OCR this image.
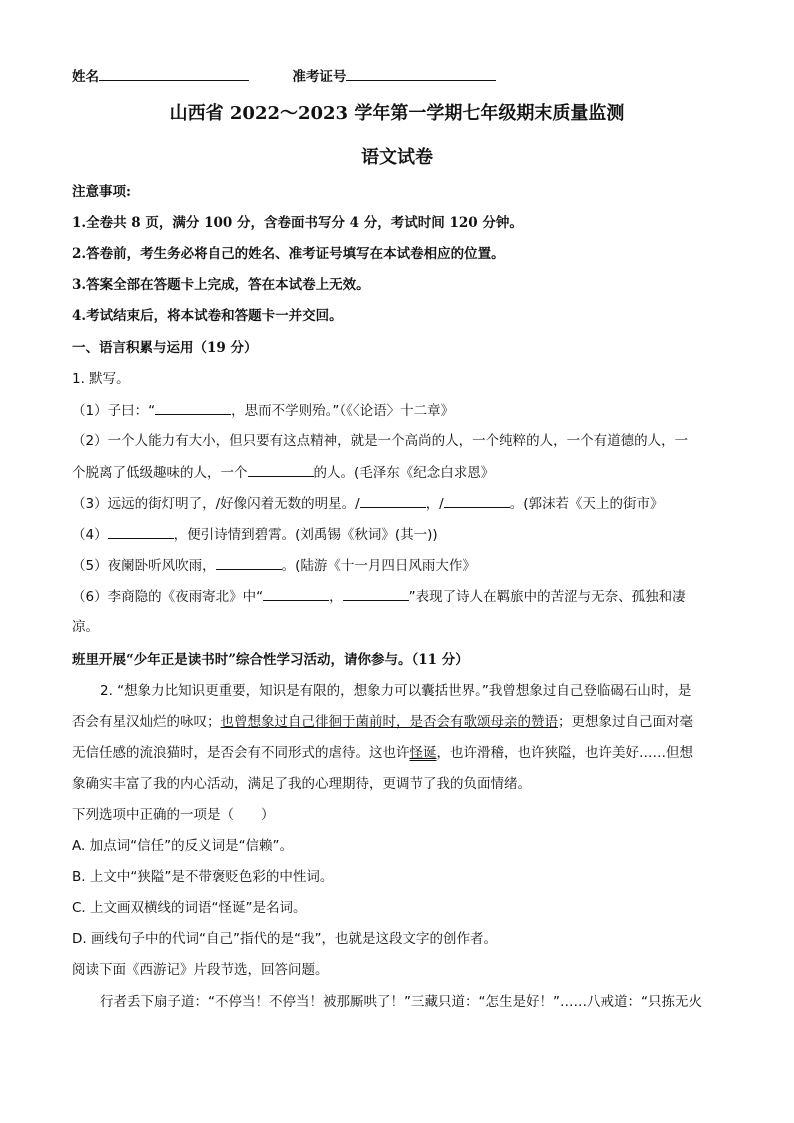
姓名	准考证号
山西省 2022～2023 学年第一学期七年级期末质量监测
语文试卷
注意事项:
1.全卷共 8 页，满分 100 分，含卷面书写分 4 分，考试时间 120 分钟。
2.答卷前，考生务必将自己的姓名、准考证号填写在本试卷相应的位置。
3.答案全部在答题卡上完成，答在本试卷上无效。
4.考试结束后，将本试卷和答题卡一并交回。
一、语言积累与运用（19 分）
1. 默写。
（1）子曰：“	，思而不学则殆。”（《〈论语〉十二章》
（2）一个人能力有大小，但只要有这点精神，就是一个高尚的人，一个纯粹的人，一个有道德的人，一
个脱离了低级趣味的人，一个	的人。(毛泽东《纪念白求恩》
（3）远远的街灯明了，/好像闪着无数的明星。/	，/	。(郭沫若《天上的街市》
（4）	，便引诗情到碧霄。(刘禹锡《秋词》(其一))
（5）夜阑卧听风吹雨，	。(陆游《十一月四日风雨大作》
（6）李商隐的《夜雨寄北》中“	，	”表现了诗人在羁旅中的苦涩与无奈、孤独和凄
凉。
班里开展“少年正是读书时”综合性学习活动，请你参与。（11 分）
2. “想象力比知识更重要，知识是有限的，想象力可以囊括世界。”我曾想象过自己登临碣石山时，是
否会有星汉灿烂的咏叹；也曾想象过自己徘徊于菌前时，是否会有歌颂母亲的赞语；更想象过自己面对毫
无信任感的流浪猫时，是否会有不同形式的虐待。这也许怪诞，也许滑稽，也许狭隘，也许美好……但想
象确实丰富了我的内心活动，满足了我的心理期待，更调节了我的负面情绪。
下列选项中正确的一项是（　　）
A. 加点词“信任”的反义词是“信赖”。
B. 上文中“狭隘”是不带褒贬色彩的中性词。
C. 上文画双横线的词语“怪诞”是名词。
D. 画线句子中的代词“自己”指代的是“我”，也就是这段文字的创作者。
阅读下面《西游记》片段节选，回答问题。
行者丢下扇子道：“不停当！不停当！被那厮哄了！”三藏只道：“怎生是好！”……八戒道：“只拣无火
